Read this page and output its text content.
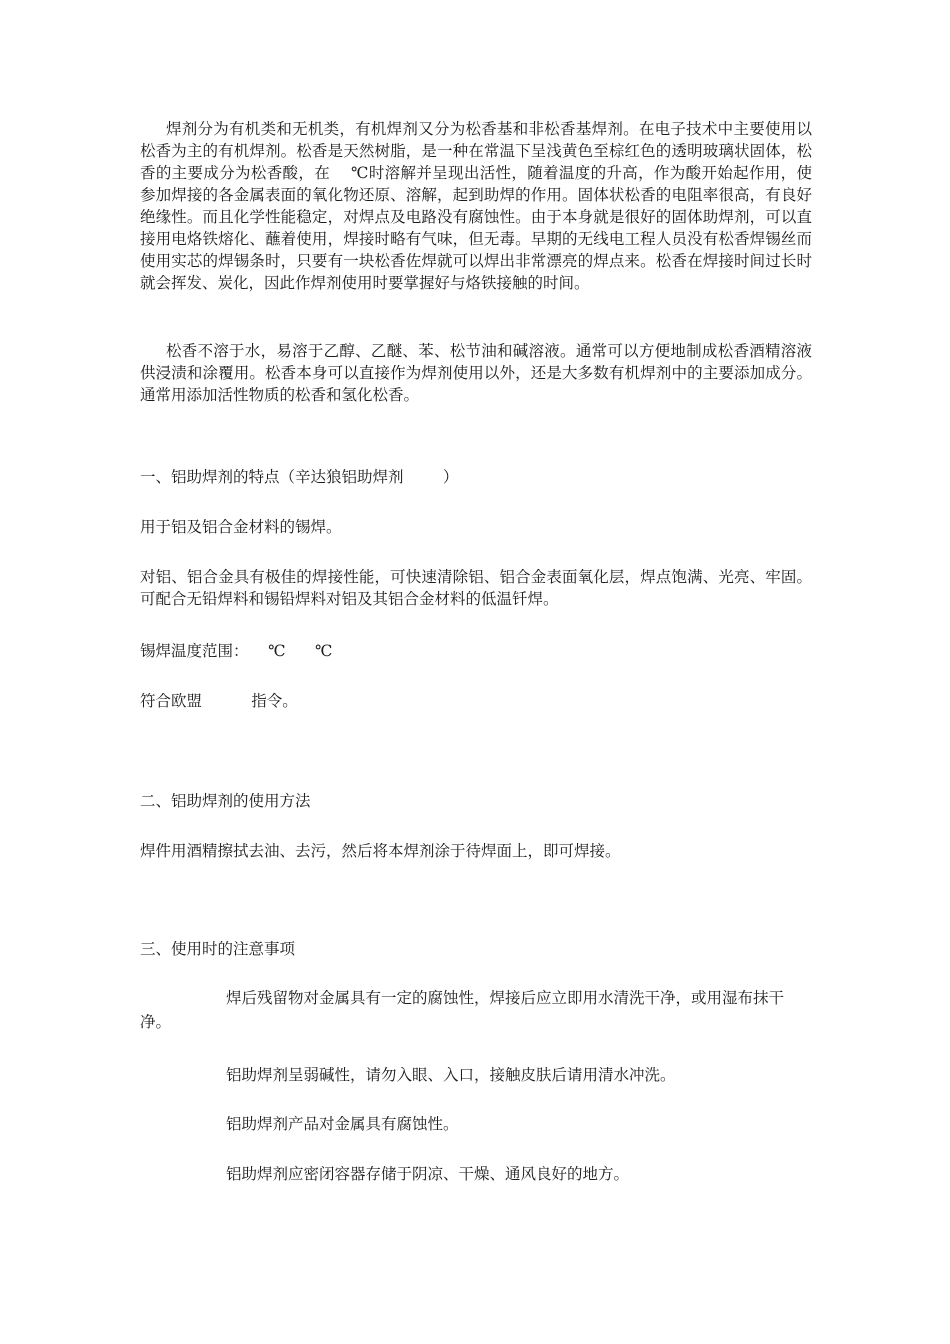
焊剂分为有机类和无机类，有机焊剂又分为松香基和非松香基焊剂。在电子技术中主要使用以松香为主的有机焊剂。松香是天然树脂，是一种在常温下呈浅黄色至棕红色的透明玻璃状固体，松香的主要成分为松香酸，在    ℃时溶解并呈现出活性，随着温度的升高，作为酸开始起作用，使参加焊接的各金属表面的氧化物还原、溶解，起到助焊的作用。固体状松香的电阻率很高，有良好绝缘性。而且化学性能稳定，对焊点及电路没有腐蚀性。由于本身就是很好的固体助焊剂，可以直接用电烙铁熔化、蘸着使用，焊接时略有气味，但无毒。早期的无线电工程人员没有松香焊锡丝而使用实芯的焊锡条时，只要有一块松香佐焊就可以焊出非常漂亮的焊点来。松香在焊接时间过长时就会挥发、炭化，因此作焊剂使用时要掌握好与烙铁接触的时间。

松香不溶于水，易溶于乙醇、乙醚、苯、松节油和碱溶液。通常可以方便地制成松香酒精溶液供浸渍和涂覆用。松香本身可以直接作为焊剂使用以外，还是大多数有机焊剂中的主要添加成分。通常用添加活性物质的松香和氢化松香。

一、铝助焊剂的特点（辛达狼铝助焊剂        ）

用于铝及铝合金材料的锡焊。

对铝、铝合金具有极佳的焊接性能，可快速清除铝、铝合金表面氧化层，焊点饱满、光亮、牢固。可配合无铅焊料和锡铅焊料对铝及其铝合金材料的低温钎焊。

锡焊温度范围：    ℃      ℃

符合欧盟          指令。

二、铝助焊剂的使用方法

焊件用酒精擦拭去油、去污，然后将本焊剂涂于待焊面上，即可焊接。

三、使用时的注意事项

焊后残留物对金属具有一定的腐蚀性，焊接后应立即用水清洗干净，或用湿布抹干净。

铝助焊剂呈弱碱性，请勿入眼、入口，接触皮肤后请用清水冲洗。

铝助焊剂产品对金属具有腐蚀性。

铝助焊剂应密闭容器存储于阴凉、干燥、通风良好的地方。
